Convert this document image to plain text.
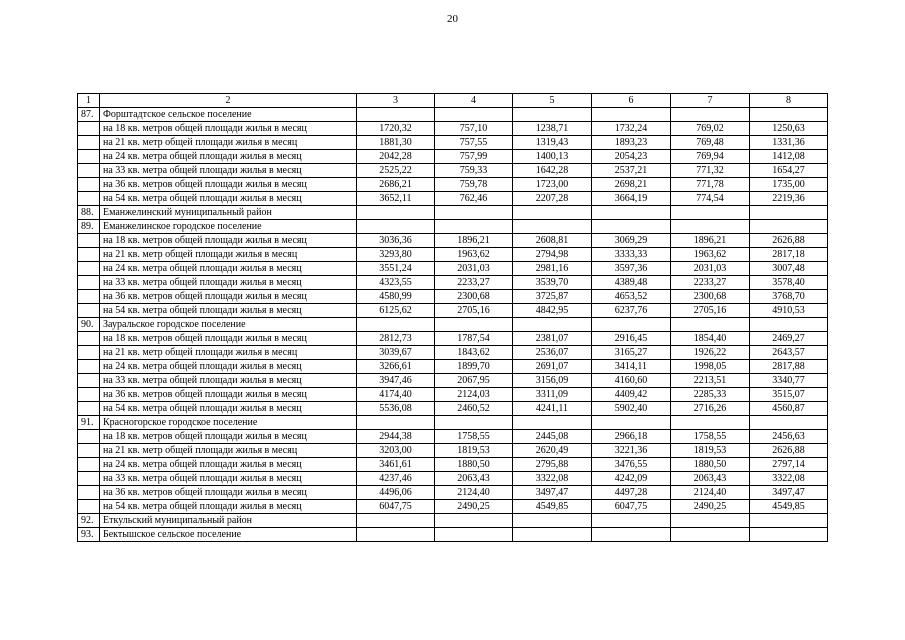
20
1	2	3	4	5	6	7	8
87.	Форштадтское сельское поселение						
	на 18 кв. метров общей площади жилья в месяц	1720,32	757,10	1238,71	1732,24	769,02	1250,63
	на 21 кв. метр общей площади жилья в месяц	1881,30	757,55	1319,43	1893,23	769,48	1331,36
	на 24 кв. метра общей площади жилья в месяц	2042,28	757,99	1400,13	2054,23	769,94	1412,08
	на 33 кв. метра общей площади жилья в месяц	2525,22	759,33	1642,28	2537,21	771,32	1654,27
	на 36 кв. метров общей площади жилья в месяц	2686,21	759,78	1723,00	2698,21	771,78	1735,00
	на 54 кв. метра общей площади жилья в месяц	3652,11	762,46	2207,28	3664,19	774,54	2219,36
88.	Еманжелинский муниципальный район						
89.	Еманжелинское городское поселение						
	на 18 кв. метров общей площади жилья в месяц	3036,36	1896,21	2608,81	3069,29	1896,21	2626,88
	на 21 кв. метр общей площади жилья в месяц	3293,80	1963,62	2794,98	3333,33	1963,62	2817,18
	на 24 кв. метра общей площади жилья в месяц	3551,24	2031,03	2981,16	3597,36	2031,03	3007,48
	на 33 кв. метра общей площади жилья в месяц	4323,55	2233,27	3539,70	4389,48	2233,27	3578,40
	на 36 кв. метров общей площади жилья в месяц	4580,99	2300,68	3725,87	4653,52	2300,68	3768,70
	на 54 кв. метра общей площади жилья в месяц	6125,62	2705,16	4842,95	6237,76	2705,16	4910,53
90.	Зауральское городское поселение						
	на 18 кв. метров общей площади жилья в месяц	2812,73	1787,54	2381,07	2916,45	1854,40	2469,27
	на 21 кв. метр общей площади жилья в месяц	3039,67	1843,62	2536,07	3165,27	1926,22	2643,57
	на 24 кв. метра общей площади жилья в месяц	3266,61	1899,70	2691,07	3414,11	1998,05	2817,88
	на 33 кв. метра общей площади жилья в месяц	3947,46	2067,95	3156,09	4160,60	2213,51	3340,77
	на 36 кв. метров общей площади жилья в месяц	4174,40	2124,03	3311,09	4409,42	2285,33	3515,07
	на 54 кв. метра общей площади жилья в месяц	5536,08	2460,52	4241,11	5902,40	2716,26	4560,87
91.	Красногорское городское поселение						
	на 18 кв. метров общей площади жилья в месяц	2944,38	1758,55	2445,08	2966,18	1758,55	2456,63
	на 21 кв. метр общей площади жилья в месяц	3203,00	1819,53	2620,49	3221,36	1819,53	2626,88
	на 24 кв. метра общей площади жилья в месяц	3461,61	1880,50	2795,88	3476,55	1880,50	2797,14
	на 33 кв. метра общей площади жилья в месяц	4237,46	2063,43	3322,08	4242,09	2063,43	3322,08
	на 36 кв. метров общей площади жилья в месяц	4496,06	2124,40	3497,47	4497,28	2124,40	3497,47
	на 54 кв. метра общей площади жилья в месяц	6047,75	2490,25	4549,85	6047,75	2490,25	4549,85
92.	Еткульский муниципальный район						
93.	Бектышское сельское поселение						
